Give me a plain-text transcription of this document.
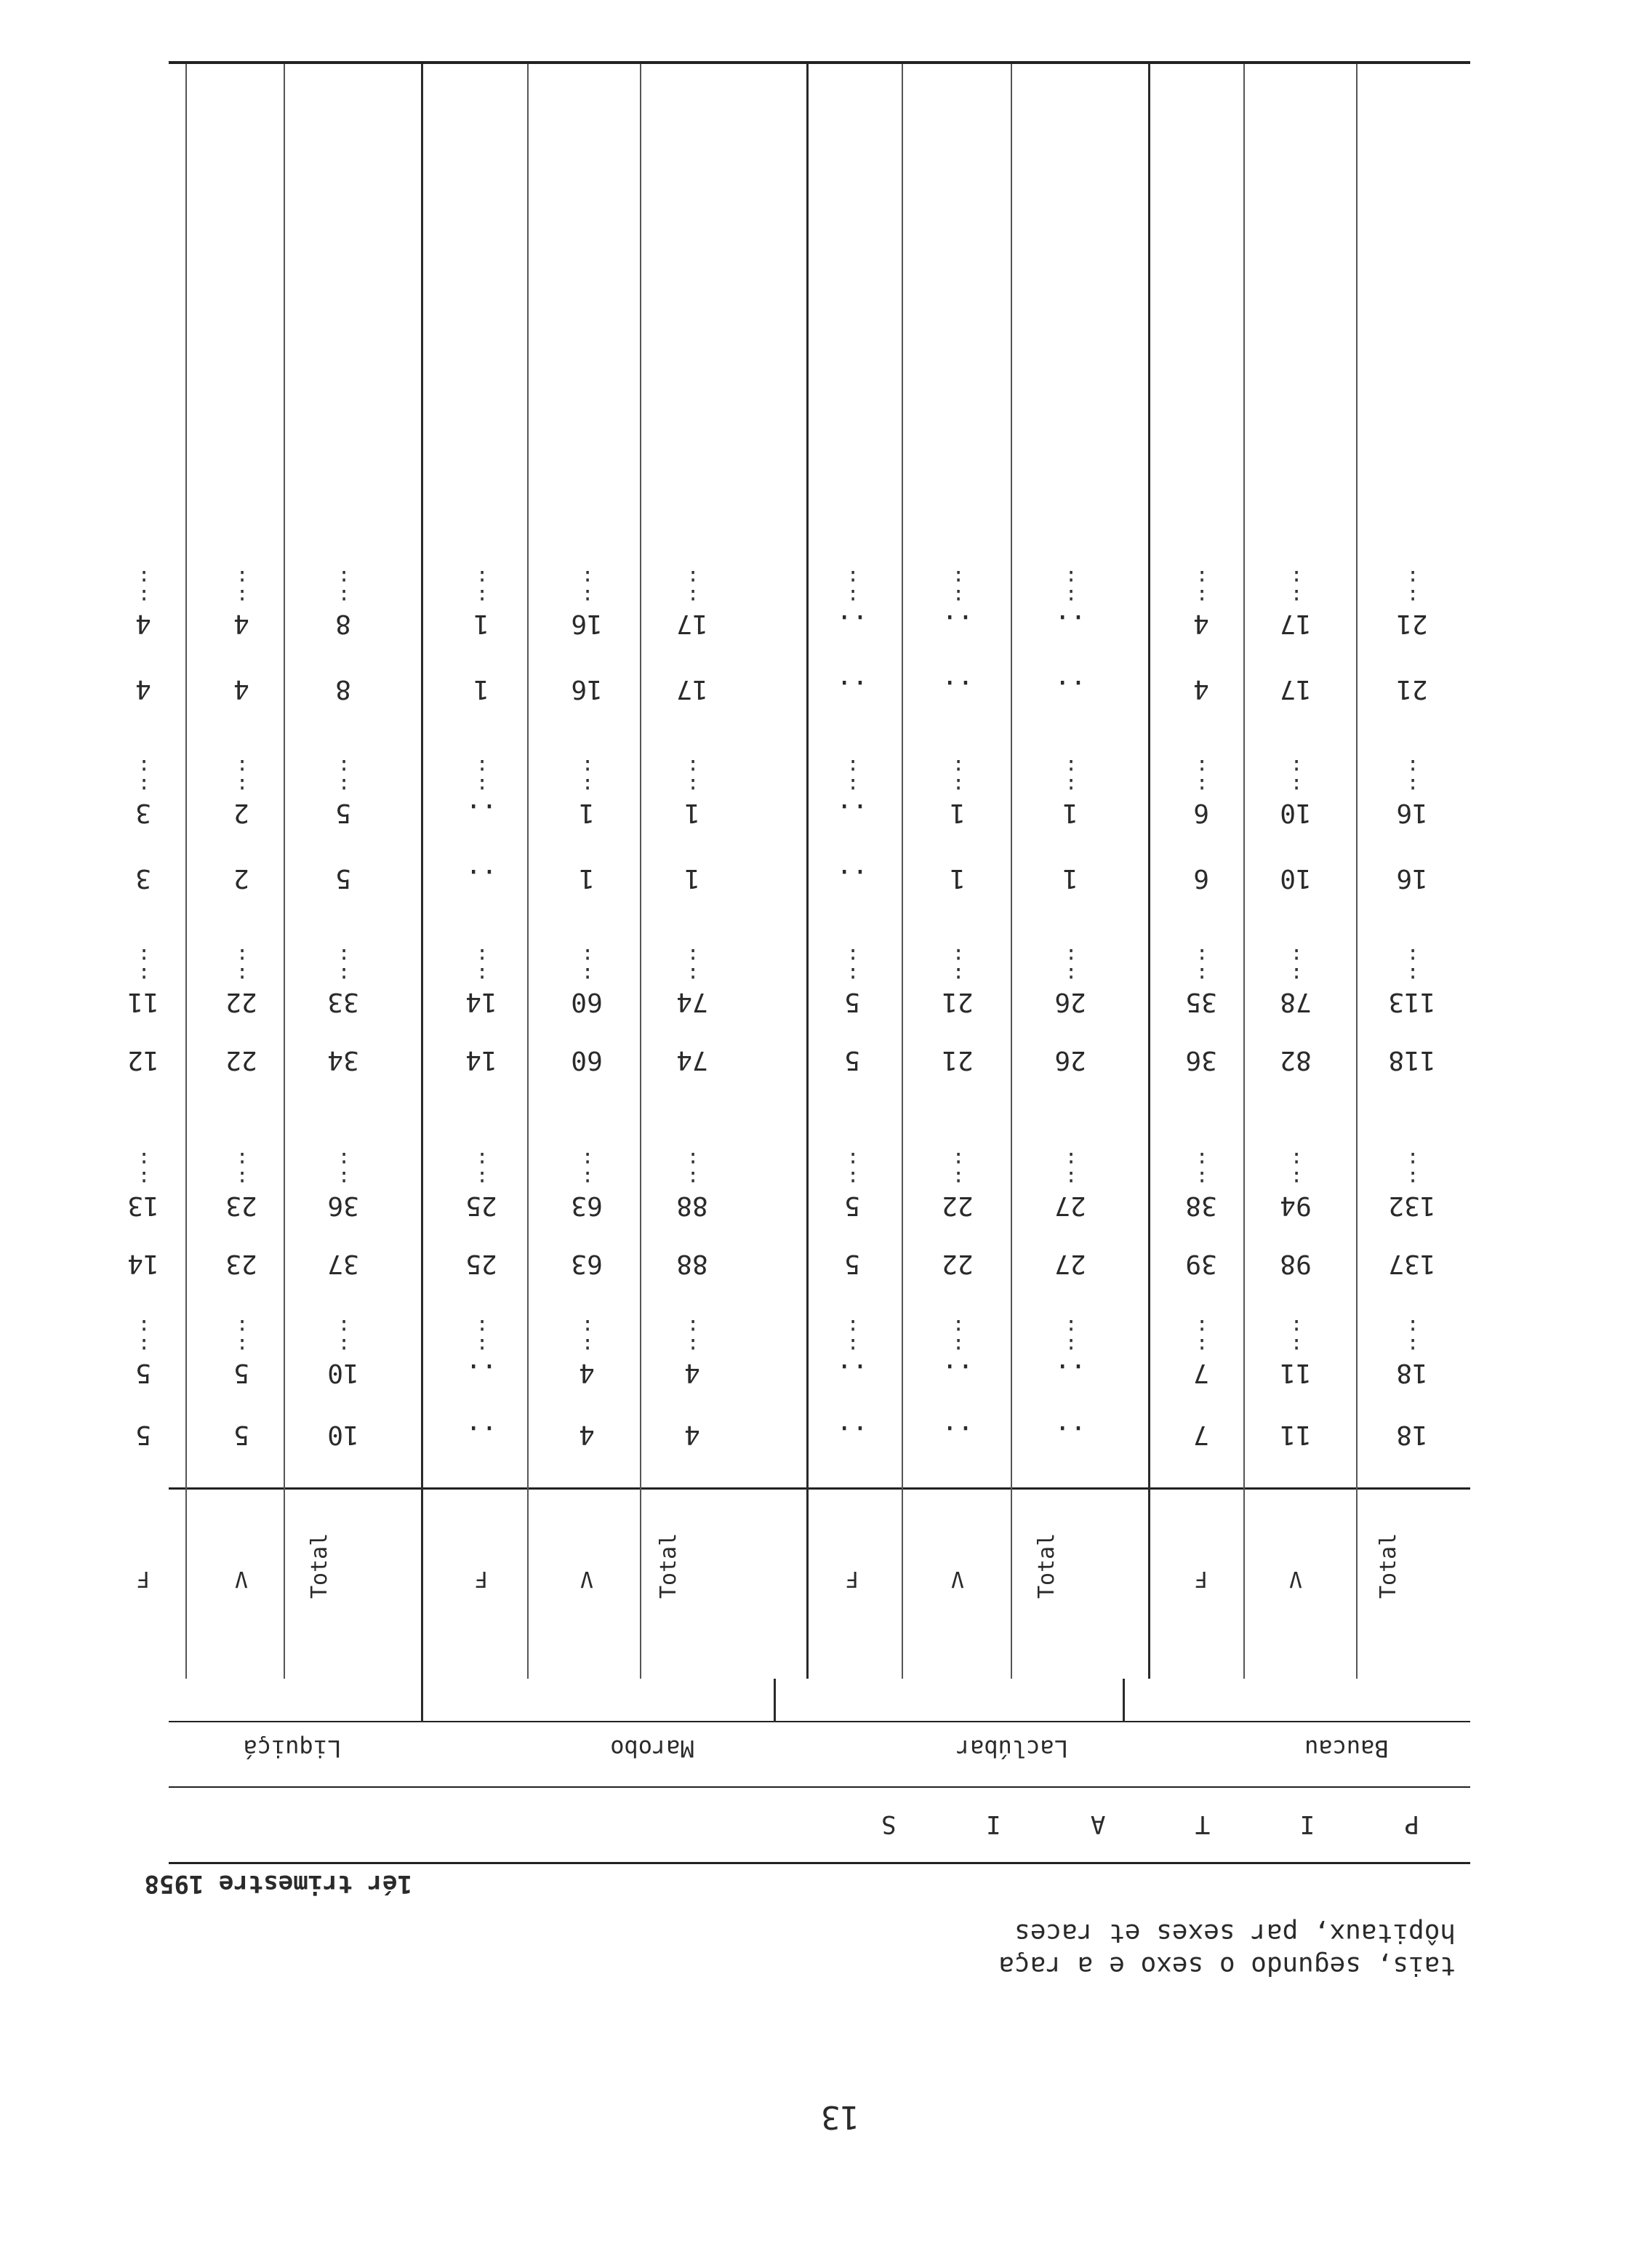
13
tais, segundo o sexo e a raça
hôpitaux, par sexes et races
1ér trimestre 1958
P
I
T
A
I
S
Baucau
Laclúbar
Marobo
Liquiçá
Total
V
F
Total
V
F
Total
V
F
Total
V
F
18
11
7
..
..
..
4
4
..
10
5
5
18
:
:
11
:
:
7
:
:
..
:
:
..
:
:
..
:
:
4
:
:
4
:
:
..
:
:
10
:
:
5
:
:
5
:
:
137
98
39
27
22
5
88
63
25
37
23
14
132
:
:
94
:
:
38
:
:
27
:
:
22
:
:
5
:
:
88
:
:
63
:
:
25
:
:
36
:
:
23
:
:
13
:
:
118
82
36
26
21
5
74
60
14
34
22
12
113
:
:
78
:
:
35
:
:
26
:
:
21
:
:
5
:
:
74
:
:
60
:
:
14
:
:
33
:
:
22
:
:
11
:
:
16
10
6
1
1
..
1
1
..
5
2
3
16
:
:
10
:
:
6
:
:
1
:
:
1
:
:
..
:
:
1
:
:
1
:
:
..
:
:
5
:
:
2
:
:
3
:
:
21
17
4
..
..
..
17
16
1
8
4
4
21
:
:
17
:
:
4
:
:
..
:
:
..
:
:
..
:
:
17
:
:
16
:
:
1
:
:
8
:
:
4
:
:
4
:
:
